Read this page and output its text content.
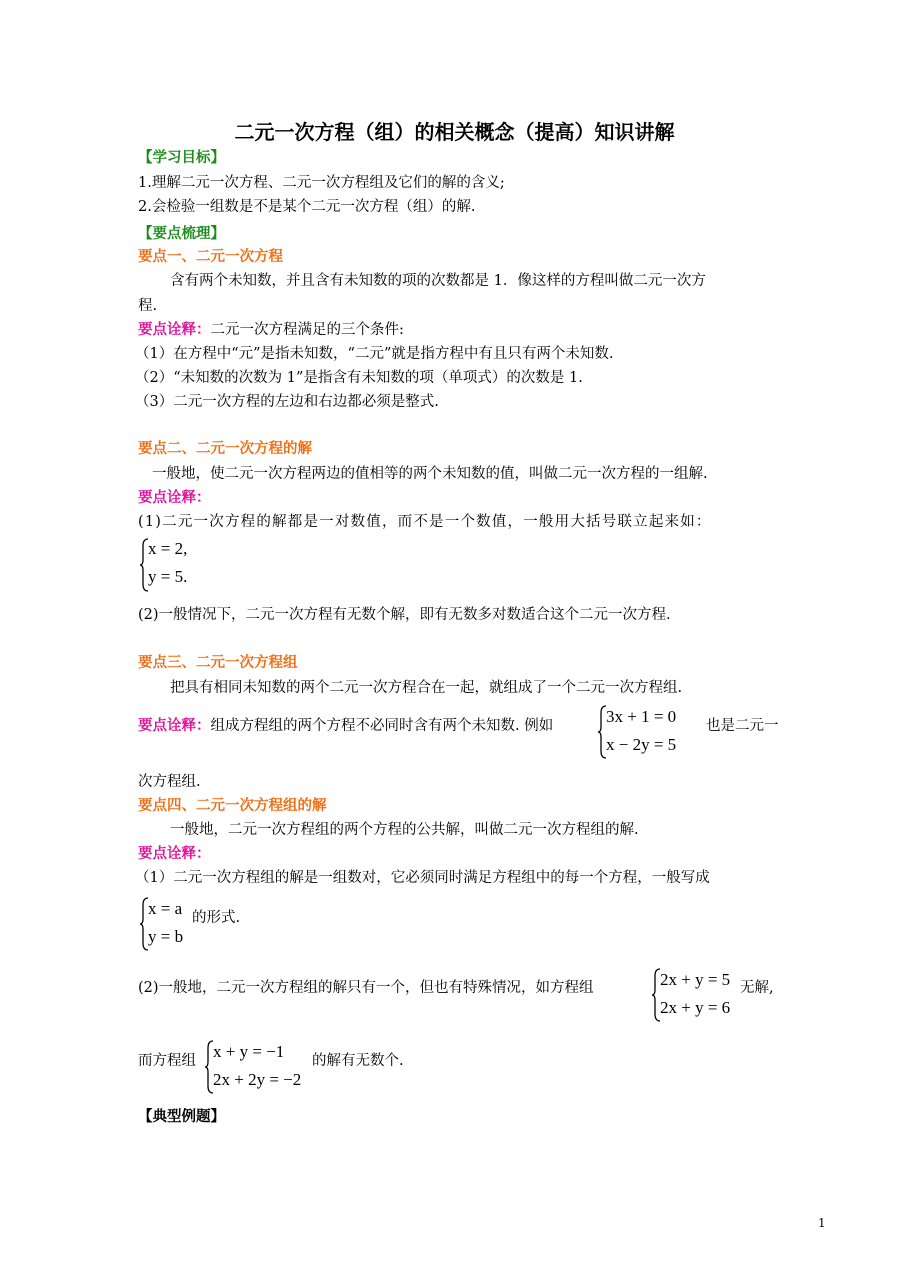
二元一次方程（组）的相关概念（提高）知识讲解
【学习目标】
1.理解二元一次方程、二元一次方程组及它们的解的含义;
2.会检验一组数是不是某个二元一次方程（组）的解.
【要点梳理】
要点一、二元一次方程
含有两个未知数，并且含有未知数的项的次数都是 1．像这样的方程叫做二元一次方
程.
要点诠释：二元一次方程满足的三个条件:
（1）在方程中“元”是指未知数，“二元”就是指方程中有且只有两个未知数.
（2）“未知数的次数为 1”是指含有未知数的项（单项式）的次数是 1.
（3）二元一次方程的左边和右边都必须是整式.
要点二、二元一次方程的解
一般地，使二元一次方程两边的值相等的两个未知数的值，叫做二元一次方程的一组解.
要点诠释：
(1)二元一次方程的解都是一对数值，而不是一个数值，一般用大括号联立起来如：
x = 2,
y = 5.
(2)一般情况下，二元一次方程有无数个解，即有无数多对数适合这个二元一次方程.
要点三、二元一次方程组
把具有相同未知数的两个二元一次方程合在一起，就组成了一个二元一次方程组.
要点诠释：组成方程组的两个方程不必同时含有两个未知数. 例如	3x + 1 = 0
x − 2y = 5
也是二元一
次方程组.
要点四、二元一次方程组的解
一般地，二元一次方程组的两个方程的公共解，叫做二元一次方程组的解.
要点诠释：
（1）二元一次方程组的解是一组数对，它必须同时满足方程组中的每一个方程，一般写成
x = a
y = b
的形式.
(2)一般地，二元一次方程组的解只有一个，但也有特殊情况，如方程组	2x + y = 5
2x + y = 6
无解,
而方程组 x + y = −1
2x + 2y = −2
的解有无数个.
【典型例题】
1
